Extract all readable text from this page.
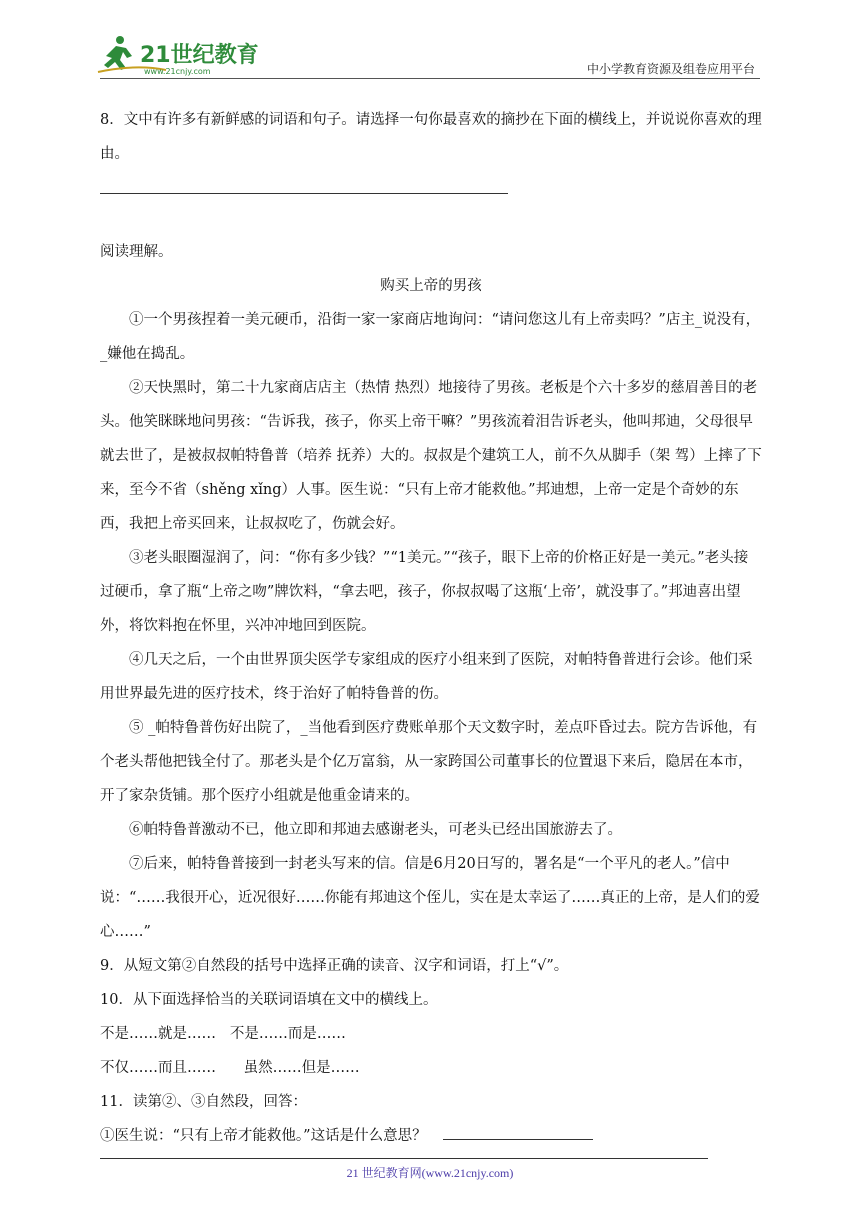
21世纪教育
www.21cnjy.com	中小学教育资源及组卷应用平台

8．文中有许多有新鲜感的词语和句子。请选择一句你最喜欢的摘抄在下面的横线上，并说说你喜欢的理由。

阅读理解。

购买上帝的男孩

①一个男孩捏着一美元硬币，沿街一家一家商店地询问：“请问您这儿有上帝卖吗？”店主_说没有，_嫌他在捣乱。

②天快黑时，第二十九家商店店主（热情 热烈）地接待了男孩。老板是个六十多岁的慈眉善目的老头。他笑眯眯地问男孩：“告诉我，孩子，你买上帝干嘛？”男孩流着泪告诉老头，他叫邦迪，父母很早就去世了，是被叔叔帕特鲁普（培养 抚养）大的。叔叔是个建筑工人，前不久从脚手（架 驾）上摔了下来，至今不省（shěng xǐng）人事。医生说：“只有上帝才能救他。”邦迪想，上帝一定是个奇妙的东西，我把上帝买回来，让叔叔吃了，伤就会好。

③老头眼圈湿润了，问：“你有多少钱？”“1美元。”“孩子，眼下上帝的价格正好是一美元。”老头接过硬币，拿了瓶“上帝之吻”牌饮料，“拿去吧，孩子，你叔叔喝了这瓶‘上帝’，就没事了。”邦迪喜出望外，将饮料抱在怀里，兴冲冲地回到医院。

④几天之后，一个由世界顶尖医学专家组成的医疗小组来到了医院，对帕特鲁普进行会诊。他们采用世界最先进的医疗技术，终于治好了帕特鲁普的伤。

⑤ _帕特鲁普伤好出院了，_当他看到医疗费账单那个天文数字时，差点吓昏过去。院方告诉他，有个老头帮他把钱全付了。那老头是个亿万富翁，从一家跨国公司董事长的位置退下来后，隐居在本市，开了家杂货铺。那个医疗小组就是他重金请来的。

⑥帕特鲁普激动不已，他立即和邦迪去感谢老头，可老头已经出国旅游去了。

⑦后来，帕特鲁普接到一封老头写来的信。信是6月20日写的，署名是“一个平凡的老人。”信中说：“……我很开心，近况很好……你能有邦迪这个侄儿，实在是太幸运了……真正的上帝，是人们的爱心……”

9．从短文第②自然段的括号中选择正确的读音、汉字和词语，打上“√”。

10．从下面选择恰当的关联词语填在文中的横线上。

不是……就是……   不是……而是……

不仅……而且……      虽然……但是……

11．读第②、③自然段，回答：

①医生说：“只有上帝才能救他。”这话是什么意思？

21 世纪教育网(www.21cnjy.com)
